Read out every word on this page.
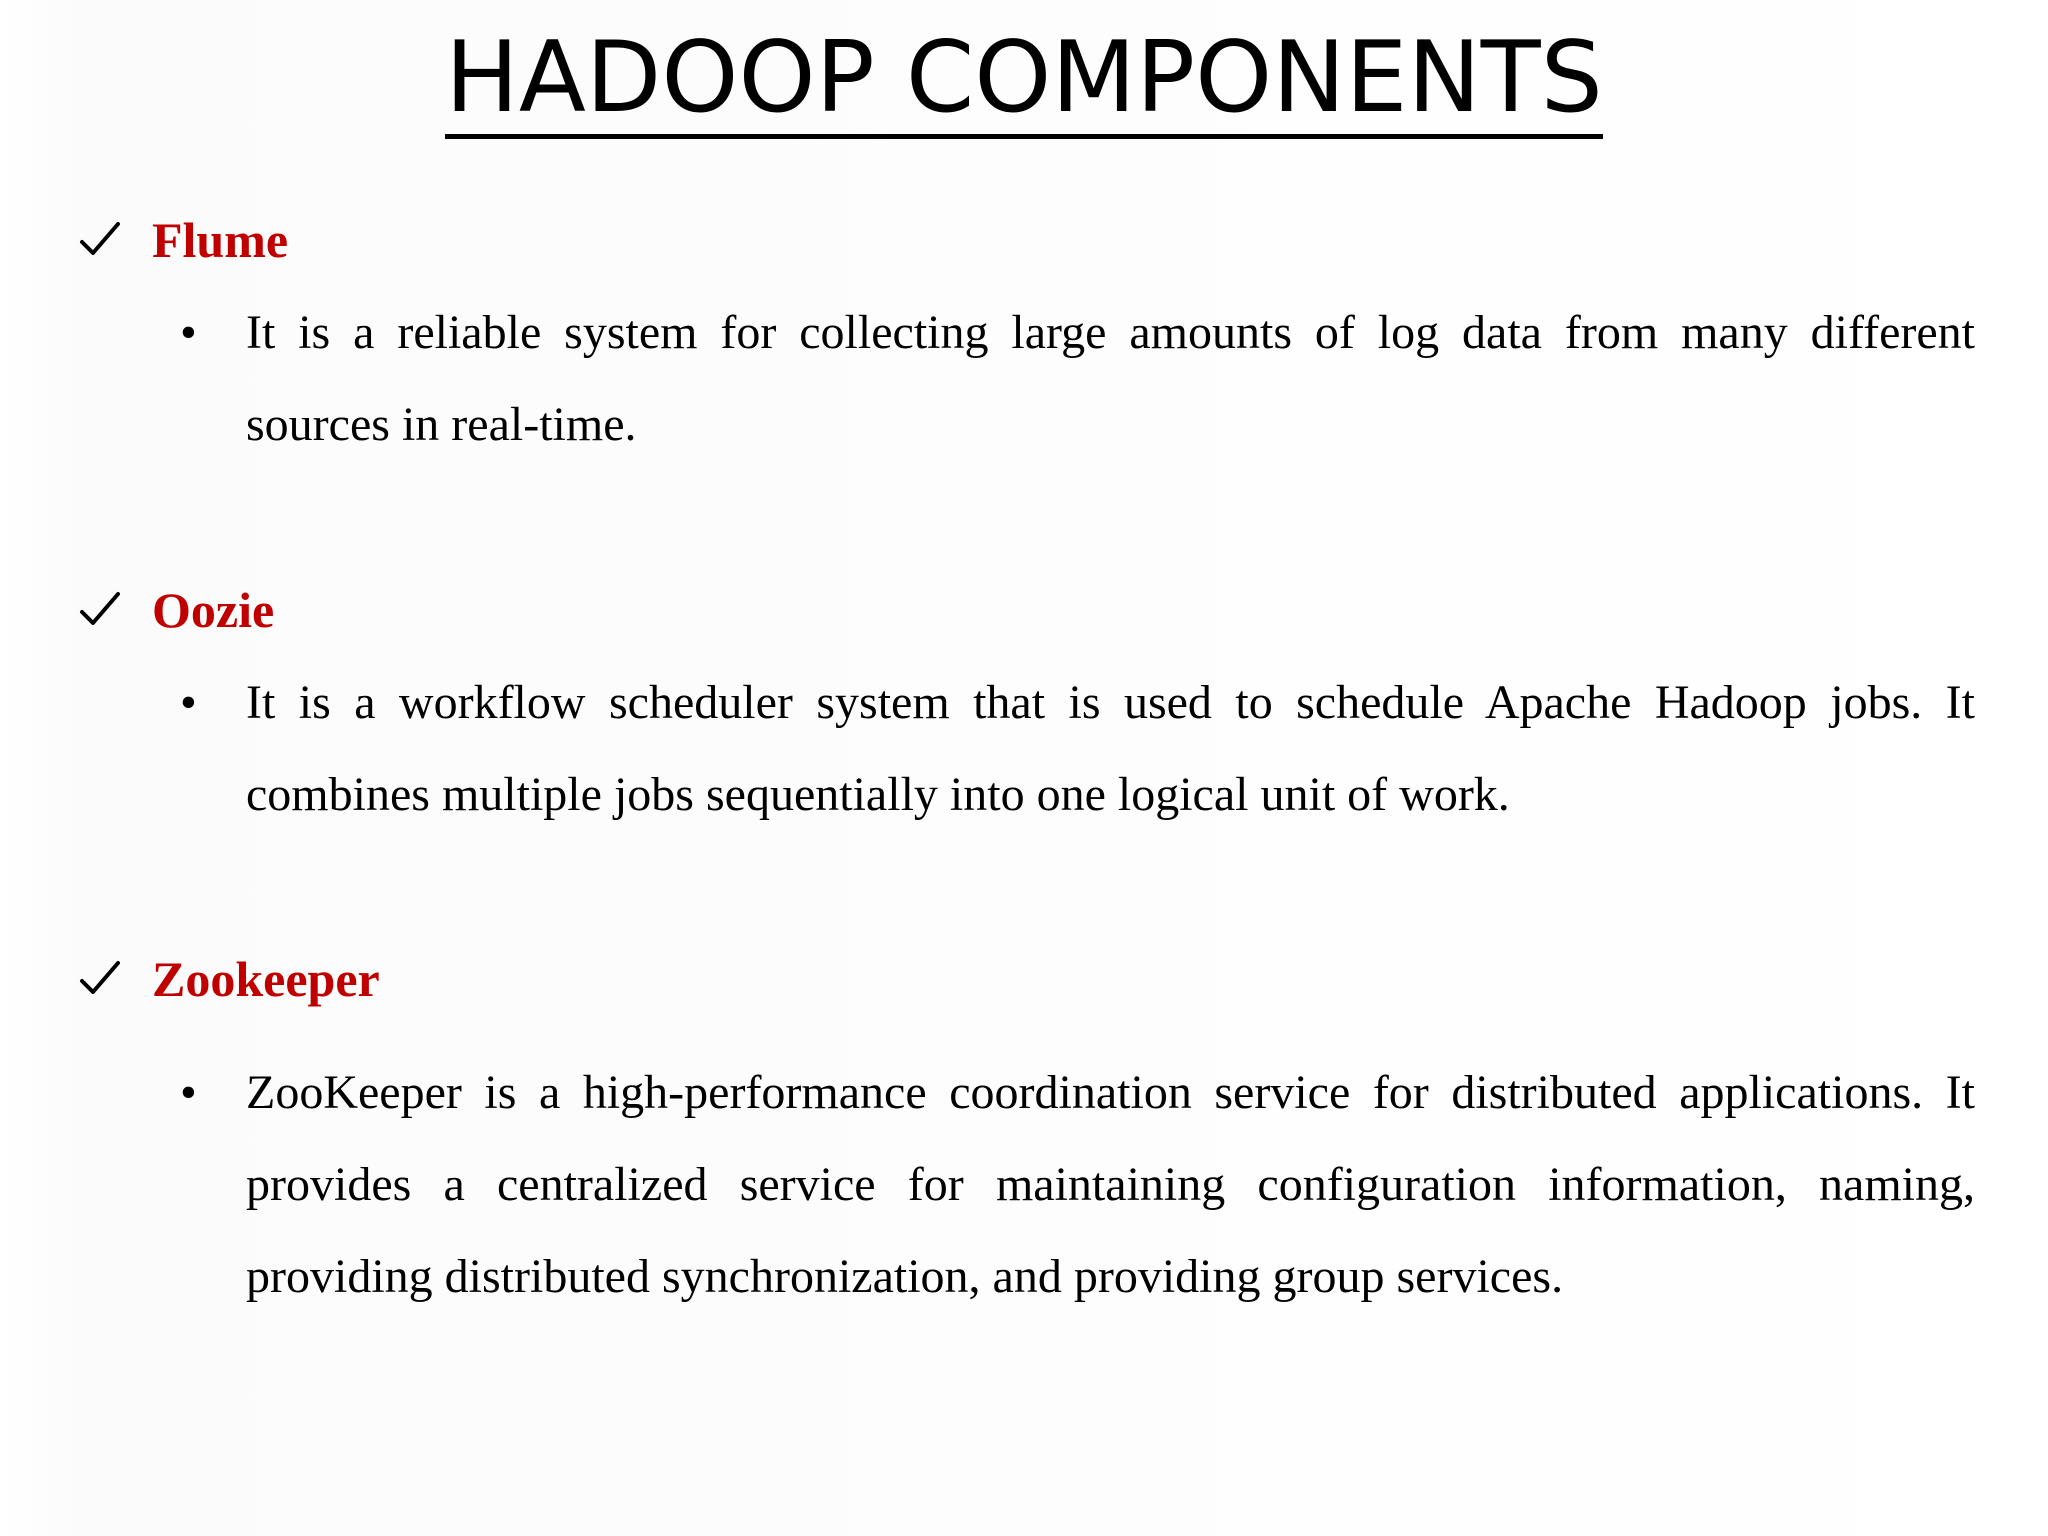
HADOOP COMPONENTS
Flume
• It is a reliable system for collecting large amounts of log data from many different sources in real-time.
Oozie
• It is a workflow scheduler system that is used to schedule Apache Hadoop jobs. It combines multiple jobs sequentially into one logical unit of work.
Zookeeper
• ZooKeeper is a high-performance coordination service for distributed applications. It provides a centralized service for maintaining configuration information, naming, providing distributed synchronization, and providing group services.
